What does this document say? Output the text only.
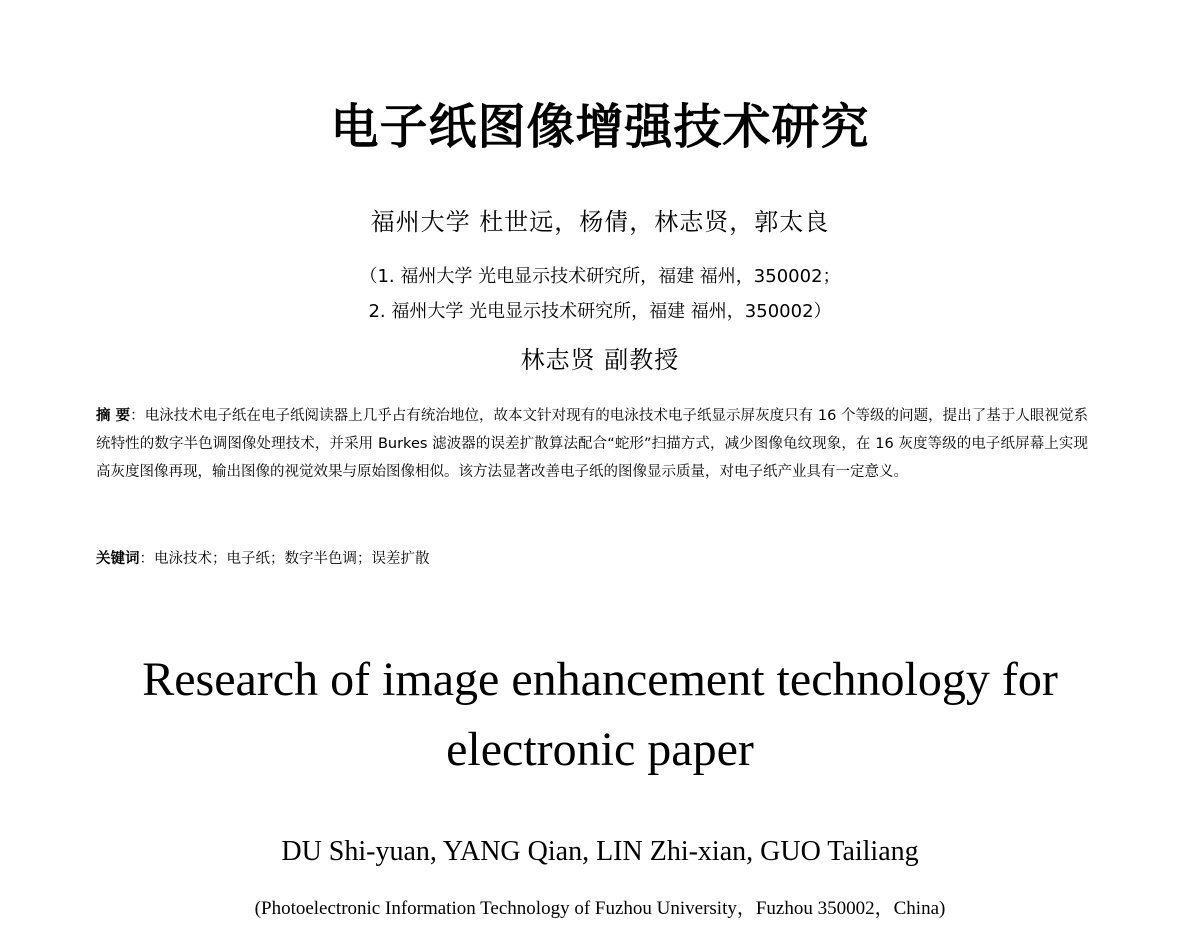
电子纸图像增强技术研究
福州大学 杜世远，杨倩，林志贤，郭太良
（1. 福州大学 光电显示技术研究所，福建 福州，350002；
2. 福州大学 光电显示技术研究所，福建 福州，350002）
林志贤 副教授
摘 要：电泳技术电子纸在电子纸阅读器上几乎占有统治地位，故本文针对现有的电泳技术电子纸显示屏灰度只有 16 个等级的问题，提出了基于人眼视觉系统特性的数字半色调图像处理技术，并采用 Burkes 滤波器的误差扩散算法配合“蛇形”扫描方式，减少图像龟纹现象，在 16 灰度等级的电子纸屏幕上实现高灰度图像再现，输出图像的视觉效果与原始图像相似。该方法显著改善电子纸的图像显示质量，对电子纸产业具有一定意义。
关键词：电泳技术；电子纸；数字半色调；误差扩散
Research of image enhancement technology for
electronic paper
DU Shi-yuan, YANG Qian, LIN Zhi-xian, GUO Tailiang
(Photoelectronic Information Technology of Fuzhou University，Fuzhou 350002，China)
